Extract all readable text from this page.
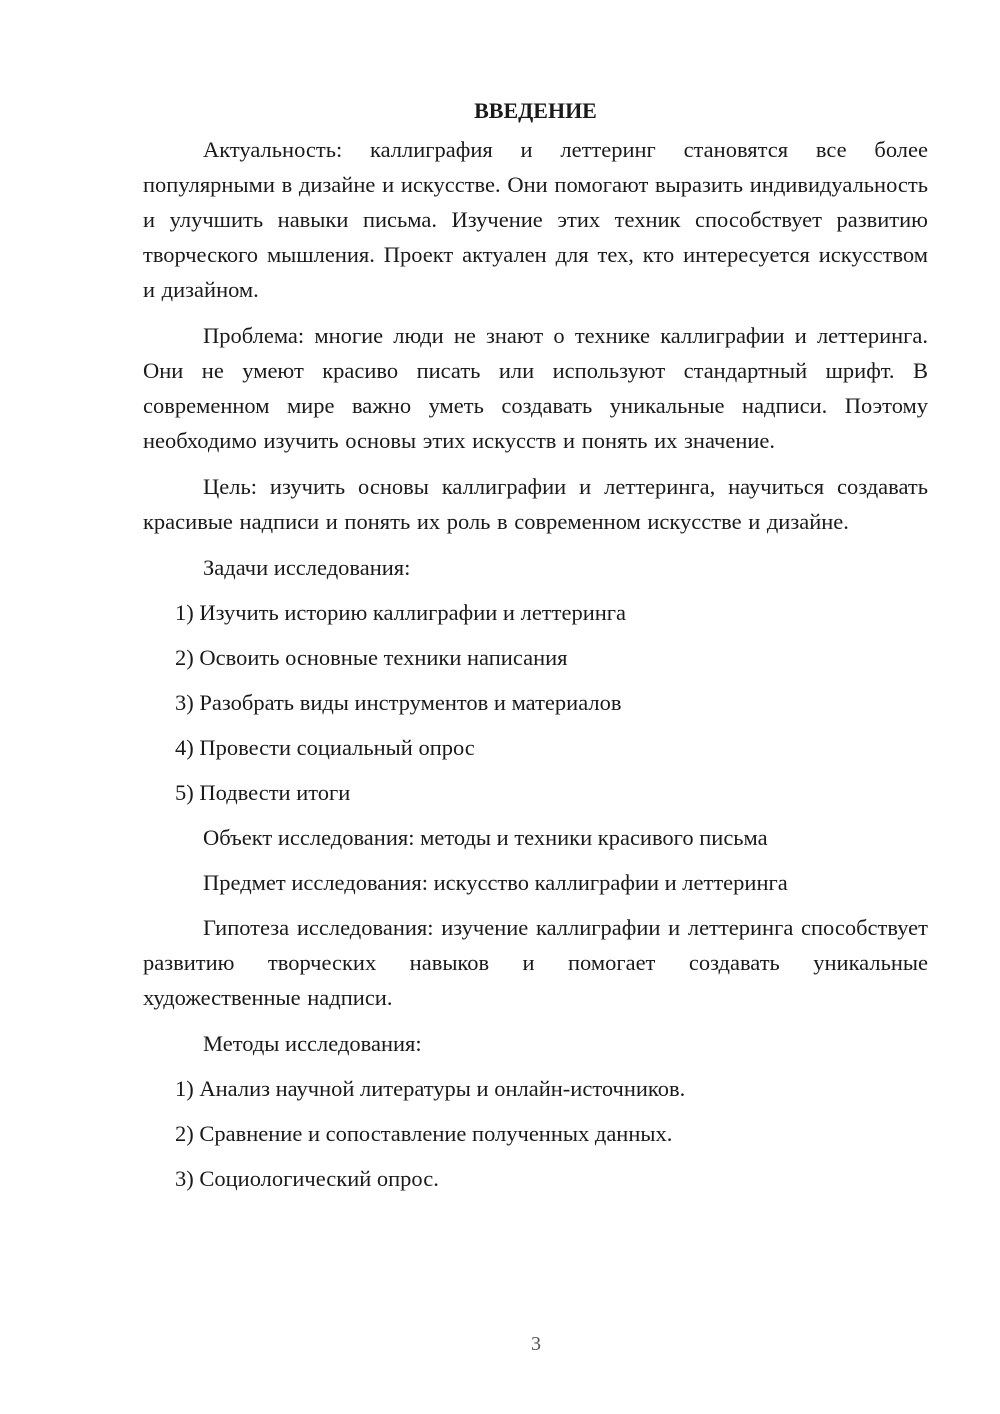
ВВЕДЕНИЕ

Актуальность: каллиграфия и леттеринг становятся все более популярными в дизайне и искусстве. Они помогают выразить индивидуальность и улучшить навыки письма. Изучение этих техник способствует развитию творческого мышления. Проект актуален для тех, кто интересуется искусством и дизайном.

Проблема: многие люди не знают о технике каллиграфии и леттеринга. Они не умеют красиво писать или используют стандартный шрифт. В современном мире важно уметь создавать уникальные надписи. Поэтому необходимо изучить основы этих искусств и понять их значение.

Цель: изучить основы каллиграфии и леттеринга, научиться создавать красивые надписи и понять их роль в современном искусстве и дизайне.

Задачи исследования:
1) Изучить историю каллиграфии и леттеринга
2) Освоить основные техники написания
3) Разобрать виды инструментов и материалов
4) Провести социальный опрос
5) Подвести итоги
Объект исследования: методы и техники красивого письма
Предмет исследования: искусство каллиграфии и леттеринга

Гипотеза исследования: изучение каллиграфии и леттеринга способствует развитию творческих навыков и помогает создавать уникальные художественные надписи.

Методы исследования:
1) Анализ научной литературы и онлайн-источников.
2) Сравнение и сопоставление полученных данных.
3) Социологический опрос.
3
